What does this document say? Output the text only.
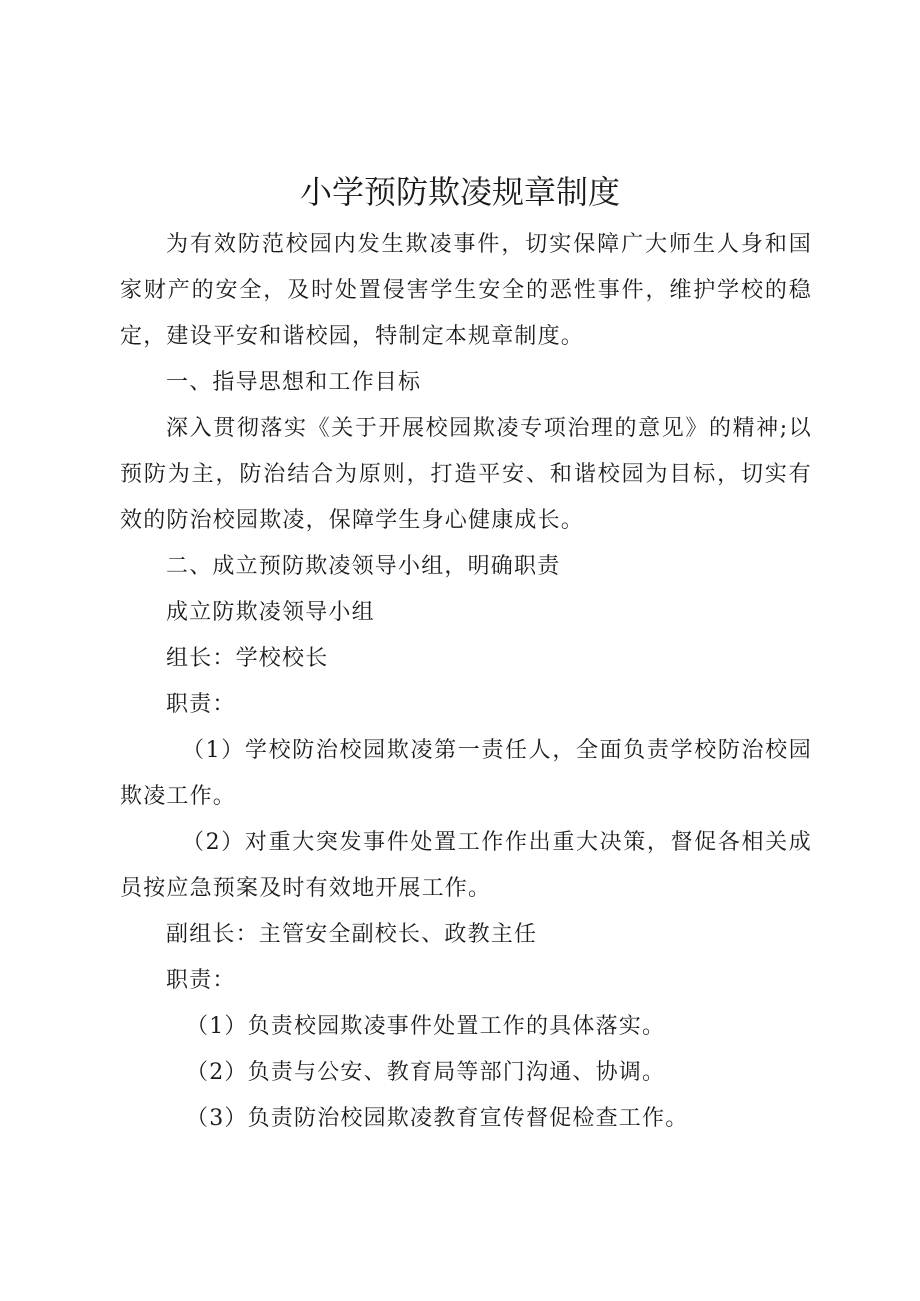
小学预防欺凌规章制度

为有效防范校园内发生欺凌事件，切实保障广大师生人身和国家财产的安全，及时处置侵害学生安全的恶性事件，维护学校的稳定，建设平安和谐校园，特制定本规章制度。

一、指导思想和工作目标

深入贯彻落实《关于开展校园欺凌专项治理的意见》的精神;以预防为主，防治结合为原则，打造平安、和谐校园为目标，切实有效的防治校园欺凌，保障学生身心健康成长。

二、成立预防欺凌领导小组，明确职责

成立防欺凌领导小组

组长：学校校长

职责：

（1）学校防治校园欺凌第一责任人，全面负责学校防治校园欺凌工作。

（2）对重大突发事件处置工作作出重大决策，督促各相关成员按应急预案及时有效地开展工作。

副组长：主管安全副校长、政教主任

职责：

（1）负责校园欺凌事件处置工作的具体落实。

（2）负责与公安、教育局等部门沟通、协调。

（3）负责防治校园欺凌教育宣传督促检查工作。
